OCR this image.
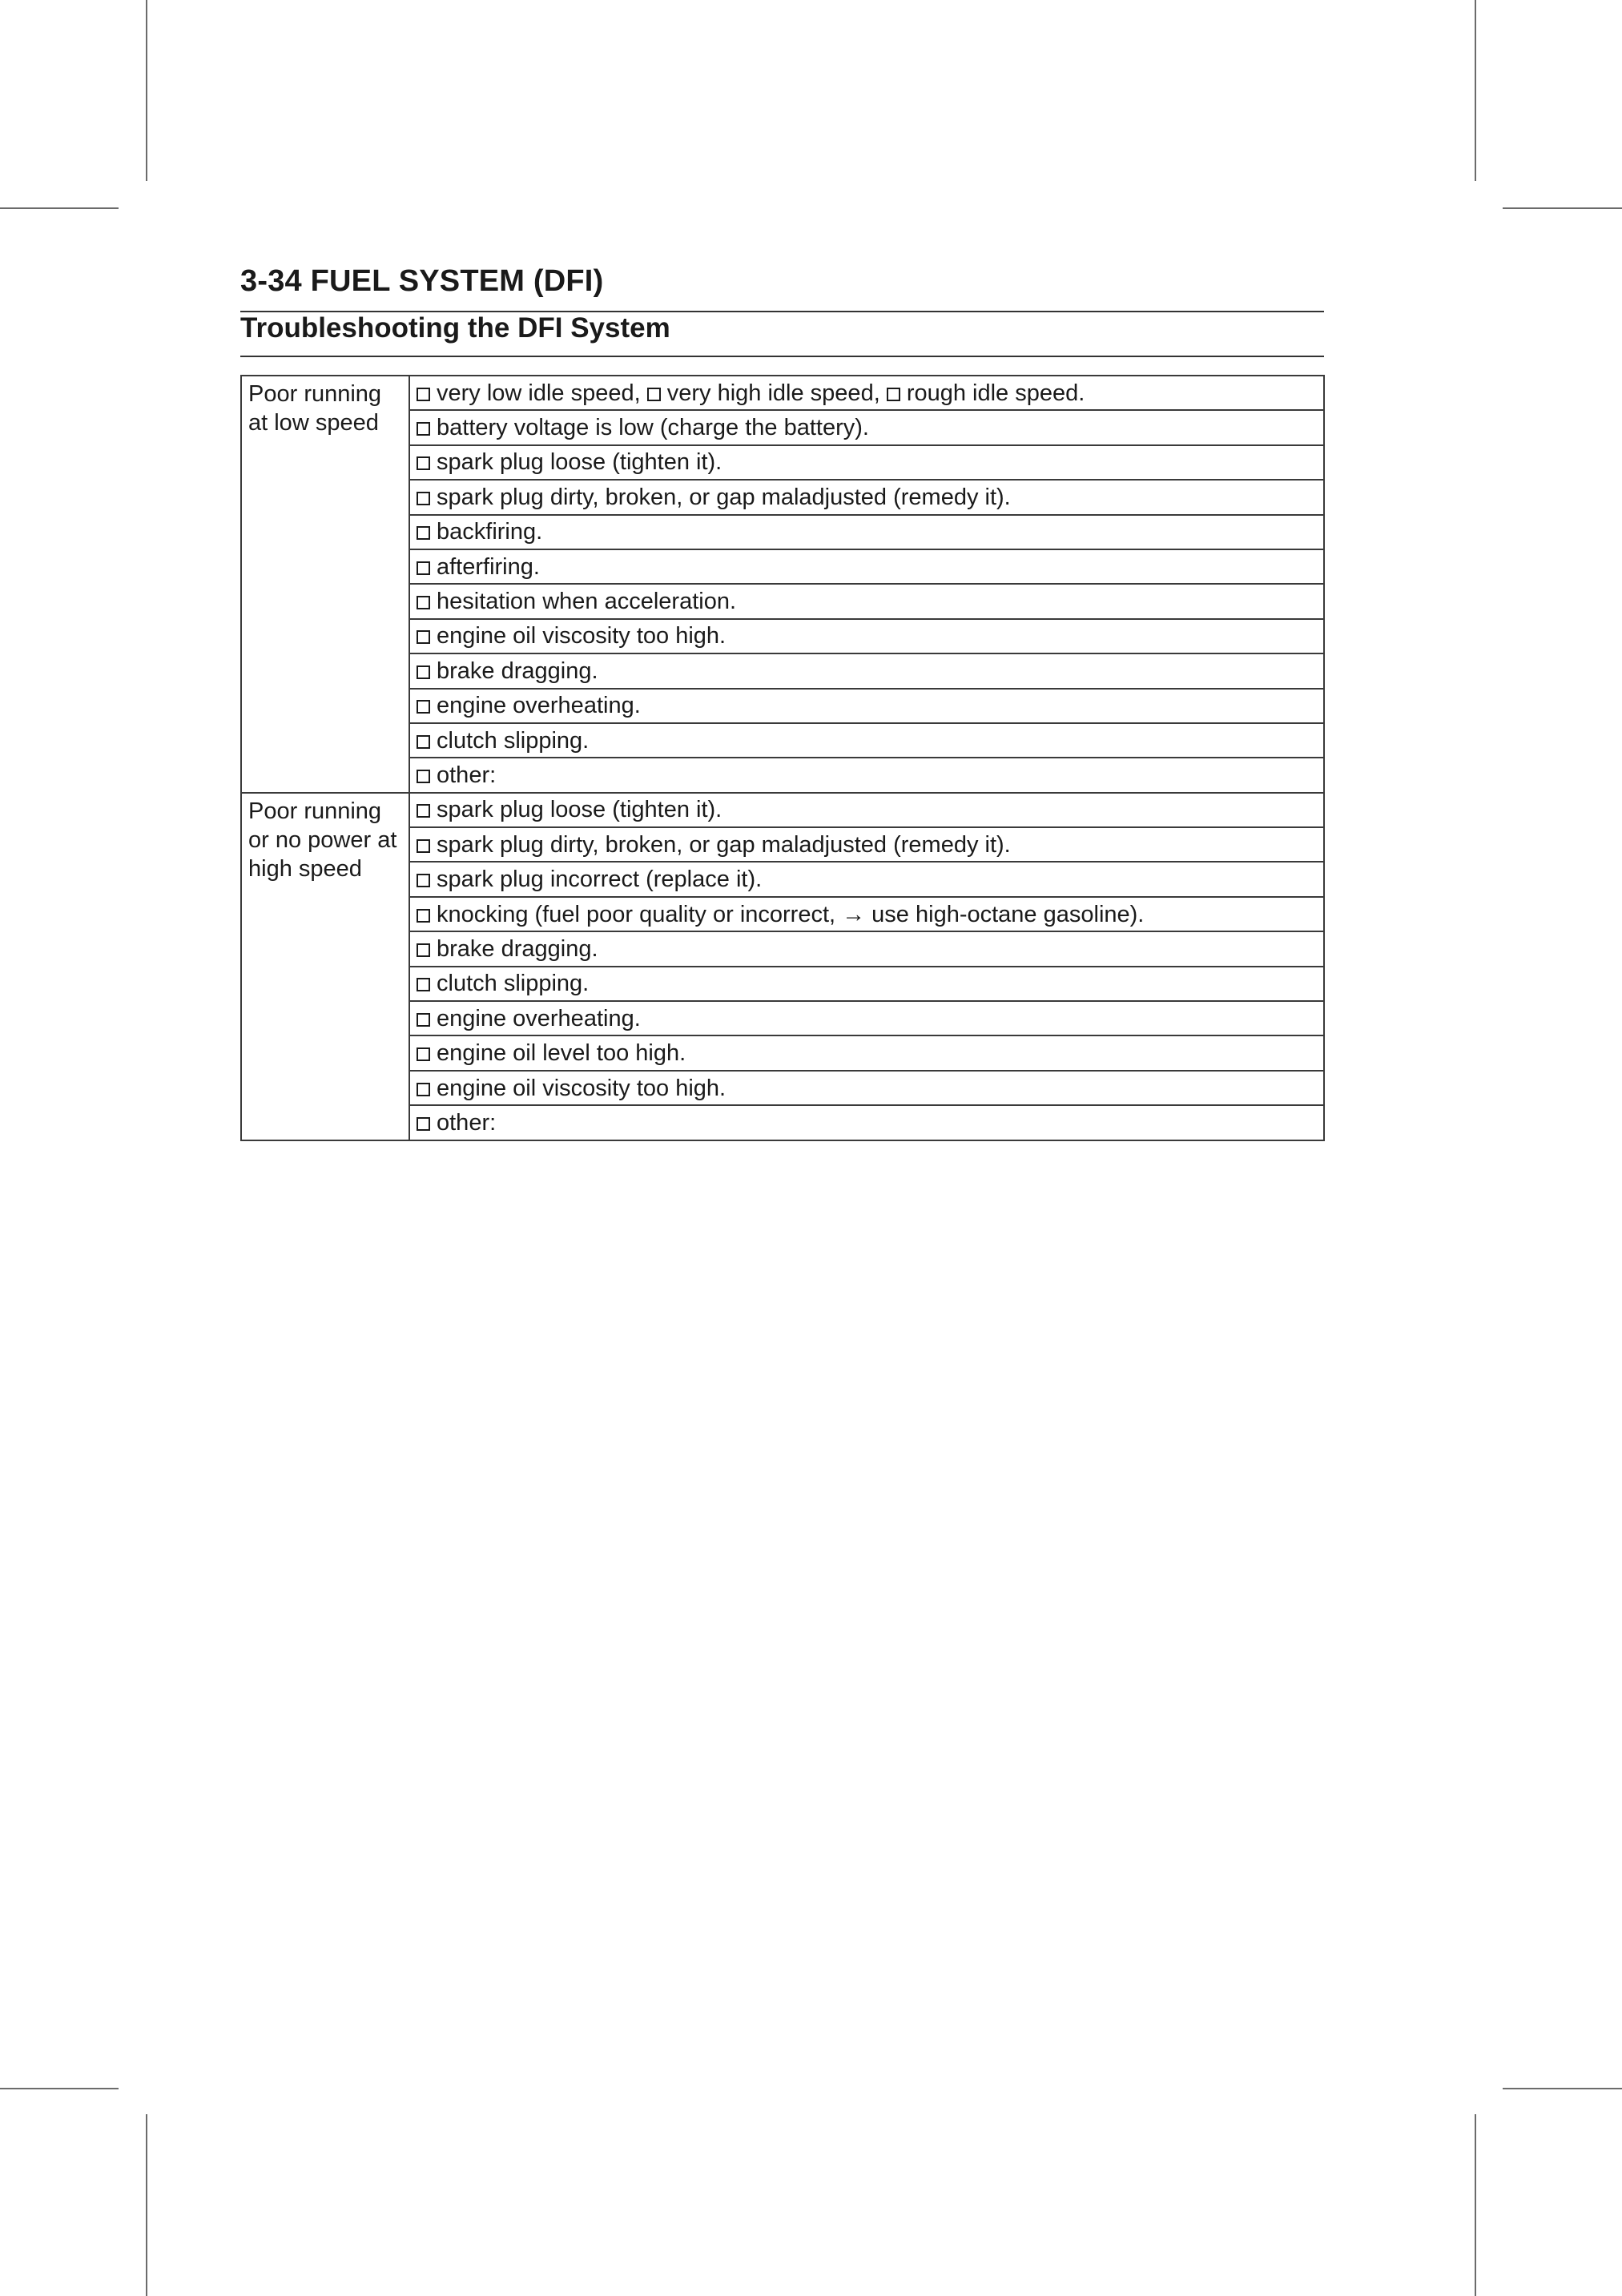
3-34 FUEL SYSTEM (DFI)
Troubleshooting the DFI System
Poor running at low speed	very low idle speed, very high idle speed, rough idle speed.
	battery voltage is low (charge the battery).
	spark plug loose (tighten it).
	spark plug dirty, broken, or gap maladjusted (remedy it).
	backfiring.
	afterfiring.
	hesitation when acceleration.
	engine oil viscosity too high.
	brake dragging.
	engine overheating.
	clutch slipping.
	other:
Poor running or no power at high speed	spark plug loose (tighten it).
	spark plug dirty, broken, or gap maladjusted (remedy it).
	spark plug incorrect (replace it).
	knocking (fuel poor quality or incorrect, → use high-octane gasoline).
	brake dragging.
	clutch slipping.
	engine overheating.
	engine oil level too high.
	engine oil viscosity too high.
	other:
